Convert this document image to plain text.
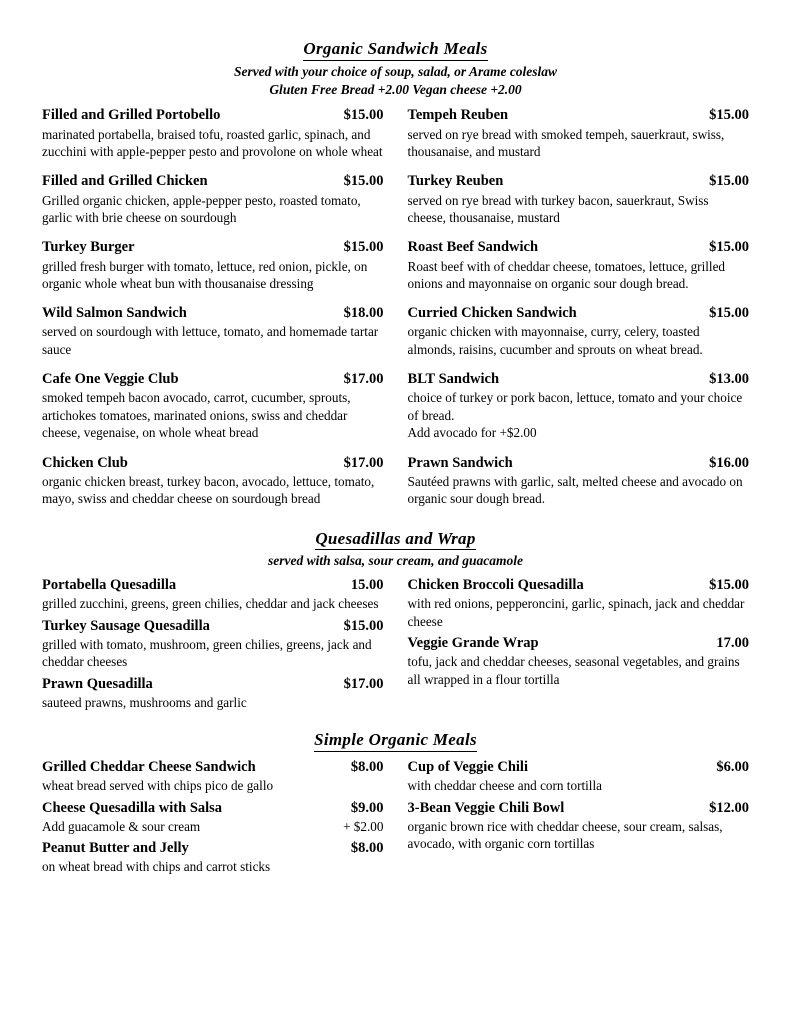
Organic Sandwich Meals
Served with your choice of soup, salad, or Arame coleslaw
Gluten Free Bread +2.00 Vegan cheese +2.00
Filled and Grilled Portobello	$15.00
marinated portabella, braised tofu, roasted garlic, spinach, and zucchini with apple-pepper pesto and provolone on whole wheat
Filled and Grilled Chicken	$15.00
Grilled organic chicken, apple-pepper pesto, roasted tomato, garlic with brie cheese on sourdough
Turkey Burger	$15.00
grilled fresh burger with tomato, lettuce, red onion, pickle, on organic whole wheat bun with thousanaise dressing
Wild Salmon Sandwich	$18.00
served on sourdough with lettuce, tomato, and homemade tartar sauce
Cafe One Veggie Club	$17.00
smoked tempeh bacon avocado, carrot, cucumber, sprouts, artichokes tomatoes, marinated onions, swiss and cheddar cheese, vegenaise, on whole wheat bread
Chicken Club	$17.00
organic chicken breast, turkey bacon, avocado, lettuce, tomato, mayo, swiss and cheddar cheese on sourdough bread
Tempeh Reuben	$15.00
served on rye bread with smoked tempeh, sauerkraut, swiss, thousanaise, and mustard
Turkey Reuben	$15.00
served on rye bread with turkey bacon, sauerkraut, Swiss cheese, thousanaise, mustard
Roast Beef Sandwich	$15.00
Roast beef with of cheddar cheese, tomatoes, lettuce, grilled onions and mayonnaise on organic sour dough bread.
Curried Chicken Sandwich	$15.00
organic chicken with mayonnaise, curry, celery, toasted almonds, raisins, cucumber and sprouts on wheat bread.
BLT Sandwich	$13.00
choice of turkey or pork bacon, lettuce, tomato and your choice of bread.
Add avocado for +$2.00
Prawn Sandwich	$16.00
Sautéed prawns with garlic, salt, melted cheese and avocado on organic sour dough bread.
Quesadillas and Wrap
served with salsa, sour cream, and guacamole
Portabella Quesadilla	15.00
grilled zucchini, greens, green chilies, cheddar and jack cheeses
Turkey Sausage Quesadilla	$15.00
grilled with tomato, mushroom, green chilies, greens, jack and cheddar cheeses
Prawn Quesadilla	$17.00
sauteed prawns, mushrooms and garlic
Chicken Broccoli Quesadilla	$15.00
with red onions, pepperoncini, garlic, spinach, jack and cheddar cheese
Veggie Grande Wrap	17.00
tofu, jack and cheddar cheeses, seasonal vegetables, and grains all wrapped in a flour tortilla
Simple Organic Meals
Grilled Cheddar Cheese Sandwich	$8.00
wheat bread served with chips pico de gallo
Cheese Quesadilla with Salsa	$9.00
Add guacamole & sour cream	+ $2.00
Peanut Butter and Jelly	$8.00
on wheat bread with chips and carrot sticks
Cup of Veggie Chili	$6.00
with cheddar cheese and corn tortilla
3-Bean Veggie Chili Bowl	$12.00
organic brown rice with cheddar cheese, sour cream, salsas, avocado, with organic corn tortillas
